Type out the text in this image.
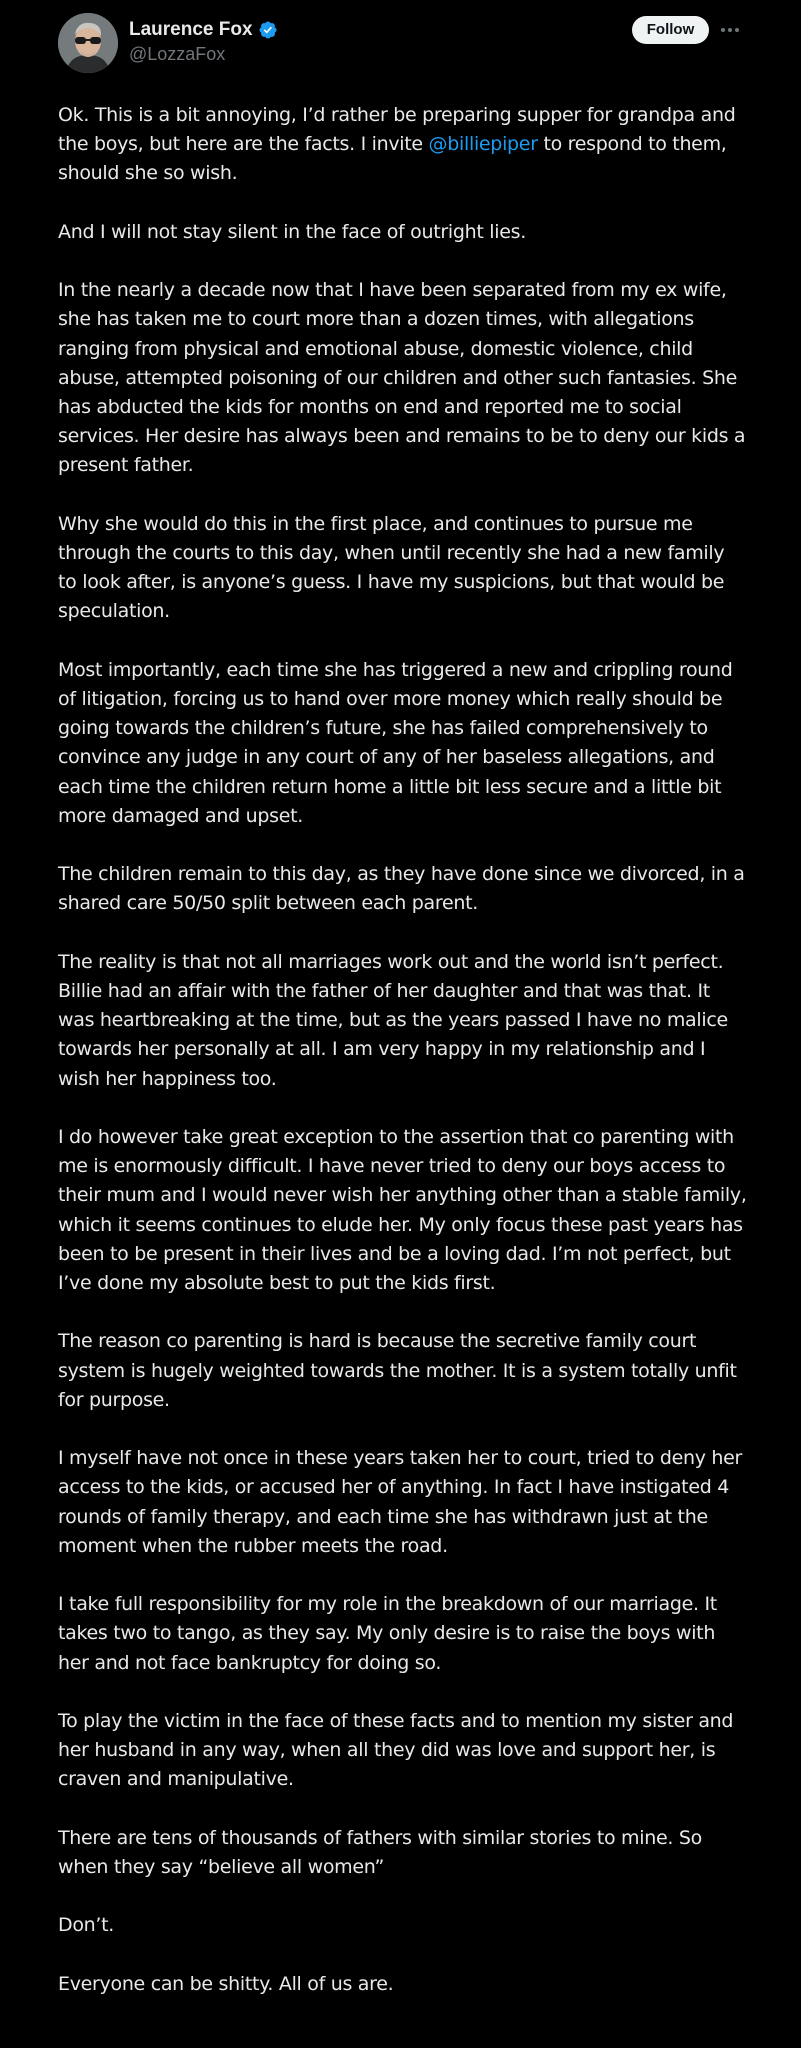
Laurence Fox
@LozzaFox
Follow

Ok. This is a bit annoying, I’d rather be preparing supper for grandpa and the boys, but here are the facts. I invite @billiepiper to respond to them, should she so wish.

And I will not stay silent in the face of outright lies.

In the nearly a decade now that I have been separated from my ex wife, she has taken me to court more than a dozen times, with allegations ranging from physical and emotional abuse, domestic violence, child abuse, attempted poisoning of our children and other such fantasies. She has abducted the kids for months on end and reported me to social services. Her desire has always been and remains to be to deny our kids a present father.

Why she would do this in the first place, and continues to pursue me through the courts to this day, when until recently she had a new family to look after, is anyone’s guess. I have my suspicions, but that would be speculation.

Most importantly, each time she has triggered a new and crippling round of litigation, forcing us to hand over more money which really should be going towards the children’s future, she has failed comprehensively to convince any judge in any court of any of her baseless allegations, and each time the children return home a little bit less secure and a little bit more damaged and upset.

The children remain to this day, as they have done since we divorced, in a shared care 50/50 split between each parent.

The reality is that not all marriages work out and the world isn’t perfect. Billie had an affair with the father of her daughter and that was that. It was heartbreaking at the time, but as the years passed I have no malice towards her personally at all. I am very happy in my relationship and I wish her happiness too.

I do however take great exception to the assertion that co parenting with me is enormously difficult. I have never tried to deny our boys access to their mum and I would never wish her anything other than a stable family, which it seems continues to elude her. My only focus these past years has been to be present in their lives and be a loving dad. I’m not perfect, but I’ve done my absolute best to put the kids first.

The reason co parenting is hard is because the secretive family court system is hugely weighted towards the mother. It is a system totally unfit for purpose.

I myself have not once in these years taken her to court, tried to deny her access to the kids, or accused her of anything. In fact I have instigated 4 rounds of family therapy, and each time she has withdrawn just at the moment when the rubber meets the road.

I take full responsibility for my role in the breakdown of our marriage. It takes two to tango, as they say. My only desire is to raise the boys with her and not face bankruptcy for doing so.

To play the victim in the face of these facts and to mention my sister and her husband in any way, when all they did was love and support her, is craven and manipulative.

There are tens of thousands of fathers with similar stories to mine. So when they say “believe all women”

Don’t.

Everyone can be shitty. All of us are.
